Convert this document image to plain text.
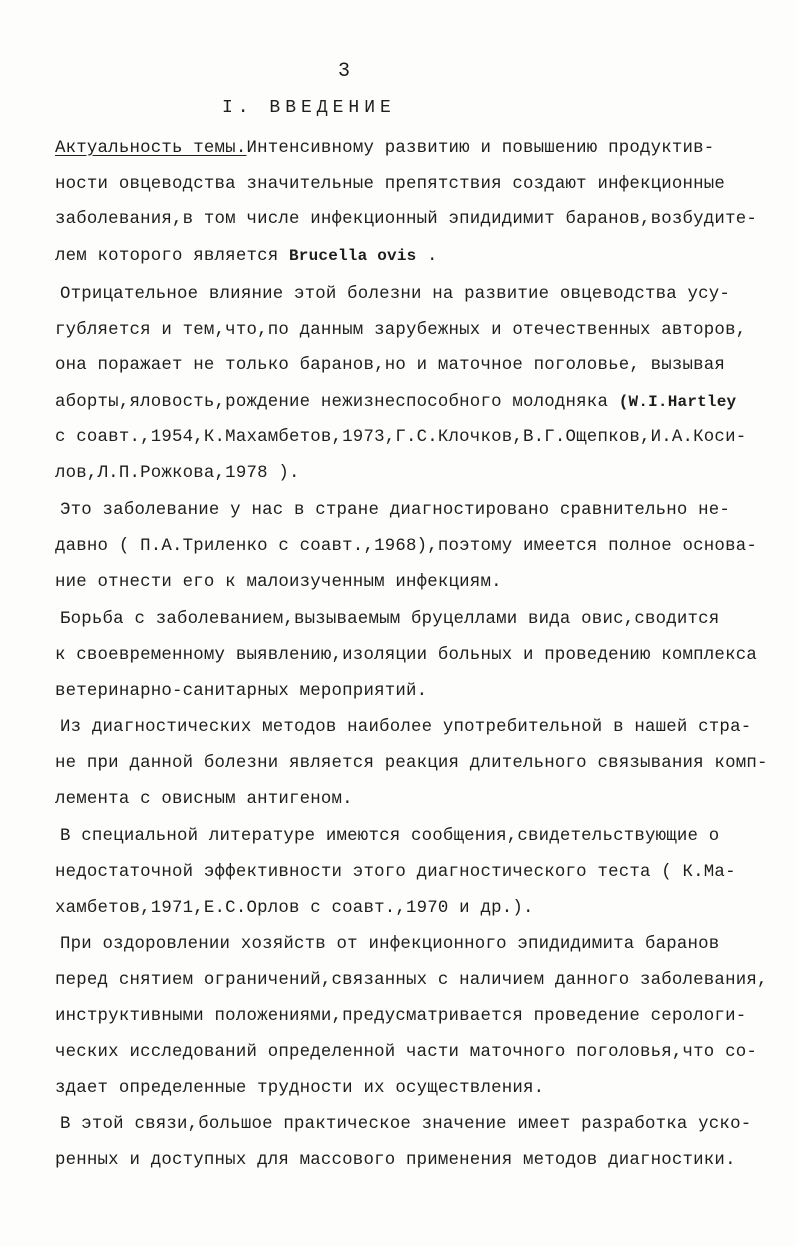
3
I. ВВЕДЕНИЕ
Актуальность темы.Интенсивному развитию и повышению продуктив-
ности овцеводства значительные препятствия создают инфекционные
заболевания,в том числе инфекционный эпидидимит баранов,возбудите-
лем которого является Brucella ovis .
Отрицательное влияние этой болезни на развитие овцеводства усу-
губляется и тем,что,по данным зарубежных и отечественных авторов,
она поражает не только баранов,но и маточное поголовье, вызывая
аборты,яловость,рождение нежизнеспособного молодняка (W.I.Hartley
с соавт.,1954,К.Махамбетов,1973,Г.С.Клочков,В.Г.Ощепков,И.А.Коси-
лов,Л.П.Рожкова,1978 ).
Это заболевание у нас в стране диагностировано сравнительно не-
давно ( П.А.Триленко с соавт.,1968),поэтому имеется полное основа-
ние отнести его к малоизученным инфекциям.
Борьба с заболеванием,вызываемым бруцеллами вида овис,сводится
к своевременному выявлению,изоляции больных и проведению комплекса
ветеринарно-санитарных мероприятий.
Из диагностических методов наиболее употребительной в нашей стра-
не при данной болезни является реакция длительного связывания комп-
лемента с овисным антигеном.
В специальной литературе имеются сообщения,свидетельствующие о
недостаточной эффективности этого диагностического теста ( К.Ма-
хамбетов,1971,Е.С.Орлов с соавт.,1970 и др.).
При оздоровлении хозяйств от инфекционного эпидидимита баранов
перед снятием ограничений,связанных с наличием данного заболевания,
инструктивными положениями,предусматривается проведение серологи-
ческих исследований определенной части маточного поголовья,что со-
здает определенные трудности их осуществления.
В этой связи,большое практическое значение имеет разработка уско-
ренных и доступных для массового применения методов диагностики.
